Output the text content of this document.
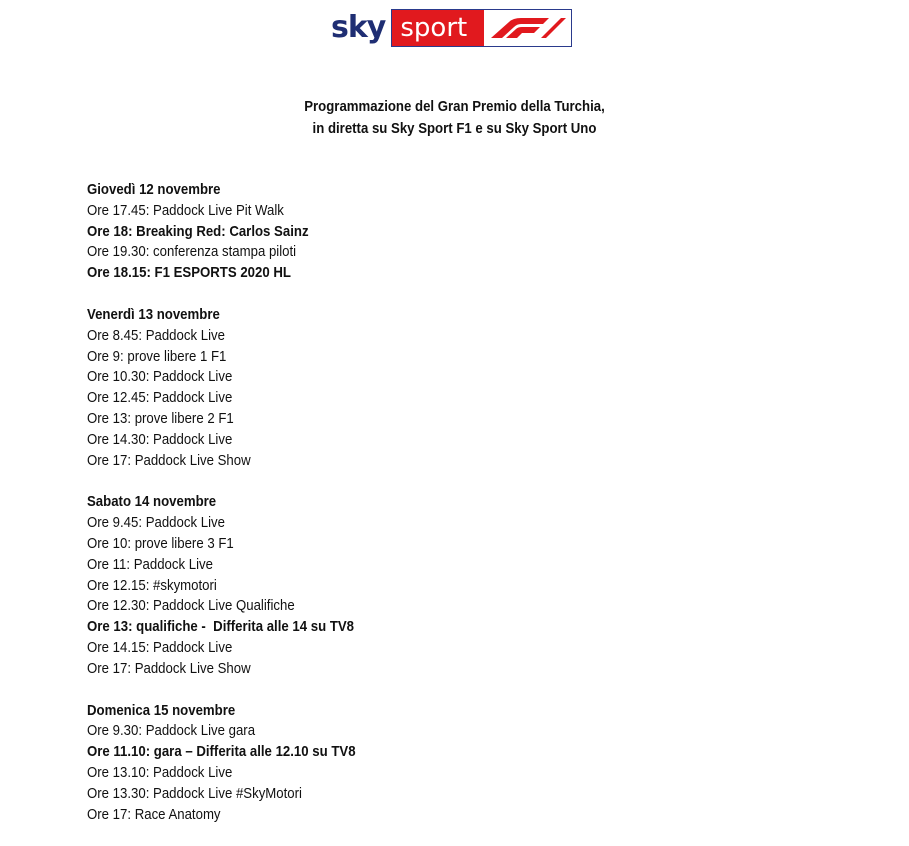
sky sport
Programmazione del Gran Premio della Turchia,
in diretta su Sky Sport F1 e su Sky Sport Uno
Giovedì 12 novembre
Ore 17.45: Paddock Live Pit Walk
Ore 18: Breaking Red: Carlos Sainz
Ore 19.30: conferenza stampa piloti
Ore 18.15: F1 ESPORTS 2020 HL
Venerdì 13 novembre
Ore 8.45: Paddock Live
Ore 9: prove libere 1 F1
Ore 10.30: Paddock Live
Ore 12.45: Paddock Live
Ore 13: prove libere 2 F1
Ore 14.30: Paddock Live
Ore 17: Paddock Live Show
Sabato 14 novembre
Ore 9.45: Paddock Live
Ore 10: prove libere 3 F1
Ore 11: Paddock Live
Ore 12.15: #skymotori
Ore 12.30: Paddock Live Qualifiche
Ore 13: qualifiche -  Differita alle 14 su TV8
Ore 14.15: Paddock Live
Ore 17: Paddock Live Show
Domenica 15 novembre
Ore 9.30: Paddock Live gara
Ore 11.10: gara – Differita alle 12.10 su TV8
Ore 13.10: Paddock Live
Ore 13.30: Paddock Live #SkyMotori
Ore 17: Race Anatomy
